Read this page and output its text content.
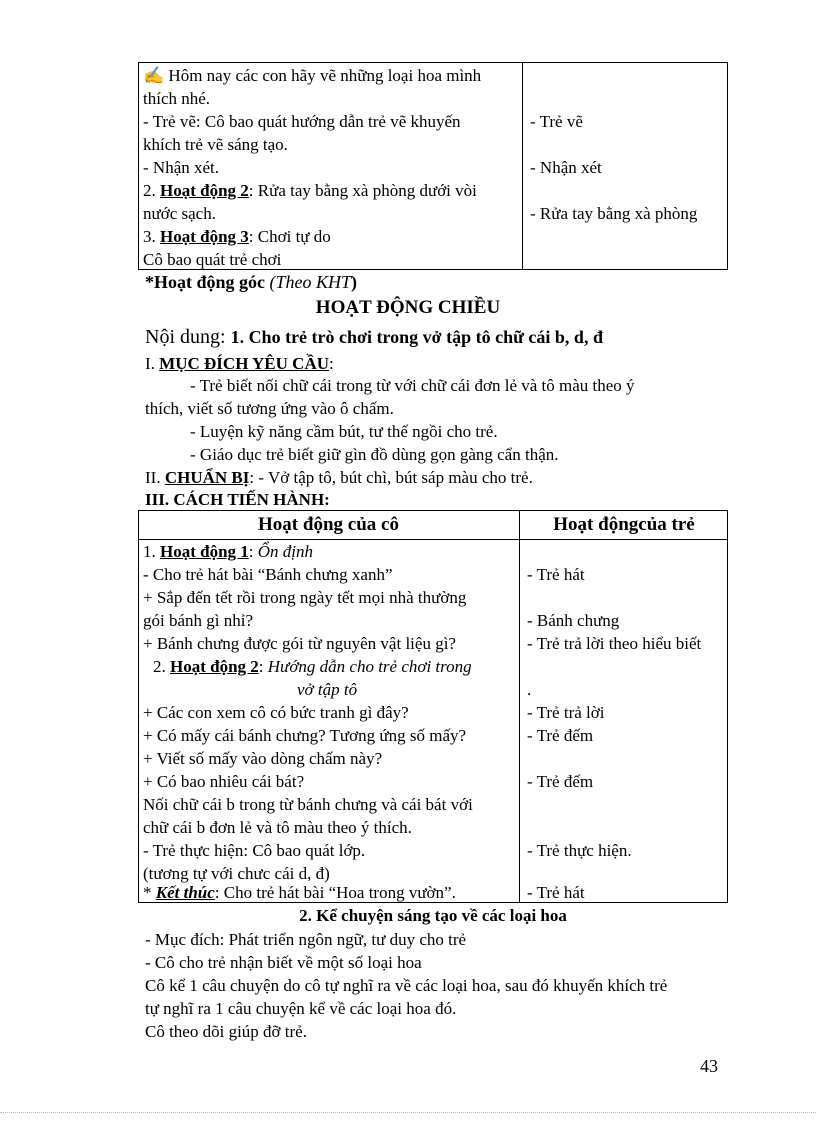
✍ Hôm nay các con hãy vẽ những loại hoa mình
thích nhé.
- Trẻ vẽ: Cô bao quát hướng dẫn trẻ vẽ khuyến
khích trẻ vẽ sáng tạo.
- Nhận xét.
2. Hoạt động 2: Rửa tay bằng xà phòng dưới vòi
nước sạch.
3. Hoạt động 3: Chơi tự do
Cô bao quát trẻ chơi
- Trẻ vẽ
- Nhận xét
- Rửa tay bằng xà phòng
*Hoạt động góc (Theo KHT)
HOẠT ĐỘNG CHIỀU
Nội dung: 1. Cho trẻ trò chơi trong vở tập tô chữ cái b, d, đ
I. MỤC ĐÍCH YÊU CẦU:
- Trẻ biết nối chữ cái trong từ với chữ cái đơn lẻ và tô màu theo ý
thích, viết số tương ứng vào ô chấm.
- Luyện kỹ năng cầm bút, tư thế ngồi cho trẻ.
- Giáo dục trẻ biết giữ gìn đồ dùng gọn gàng cẩn thận.
II. CHUẨN BỊ: - Vở tập tô, bút chì, bút sáp màu cho trẻ.
III. CÁCH TIẾN HÀNH:
Hoạt động của cô	Hoạt độngcủa trẻ
1. Hoạt động 1: Ổn định
- Cho trẻ hát bài “Bánh chưng xanh”
+ Sắp đến tết rồi trong ngày tết mọi nhà thường
gói bánh gì nhỉ?
+ Bánh chưng được gói từ nguyên vật liệu gì?
2. Hoạt động 2: Hướng dẫn cho trẻ chơi trong
vở tập tô
+ Các con xem cô có bức tranh gì đây?
+ Có mấy cái bánh chưng? Tương ứng số mấy?
+ Viết số mấy vào dòng chấm này?
+ Có bao nhiêu cái bát?
Nối chữ cái b trong từ bánh chưng và cái bát với
chữ cái b đơn lẻ và tô màu theo ý thích.
- Trẻ thực hiện: Cô bao quát lớp.
(tương tự với chưc cái d, đ)
* Kết thúc: Cho trẻ hát bài “Hoa trong vườn”.
- Trẻ hát
- Bánh chưng
- Trẻ trả lời theo hiểu biết
.
- Trẻ trả lời
- Trẻ đếm
- Trẻ đếm
- Trẻ thực hiện.
- Trẻ hát
2. Kể chuyện sáng tạo về các loại hoa
- Mục đích: Phát triển ngôn ngữ, tư duy cho trẻ
- Cô cho trẻ nhận biết về một số loại hoa
Cô kể 1 câu chuyện do cô tự nghĩ ra về các loại hoa, sau đó khuyến khích trẻ
tự nghĩ ra 1 câu chuyện kể về các loại hoa đó.
Cô theo dõi giúp đỡ trẻ.
43
